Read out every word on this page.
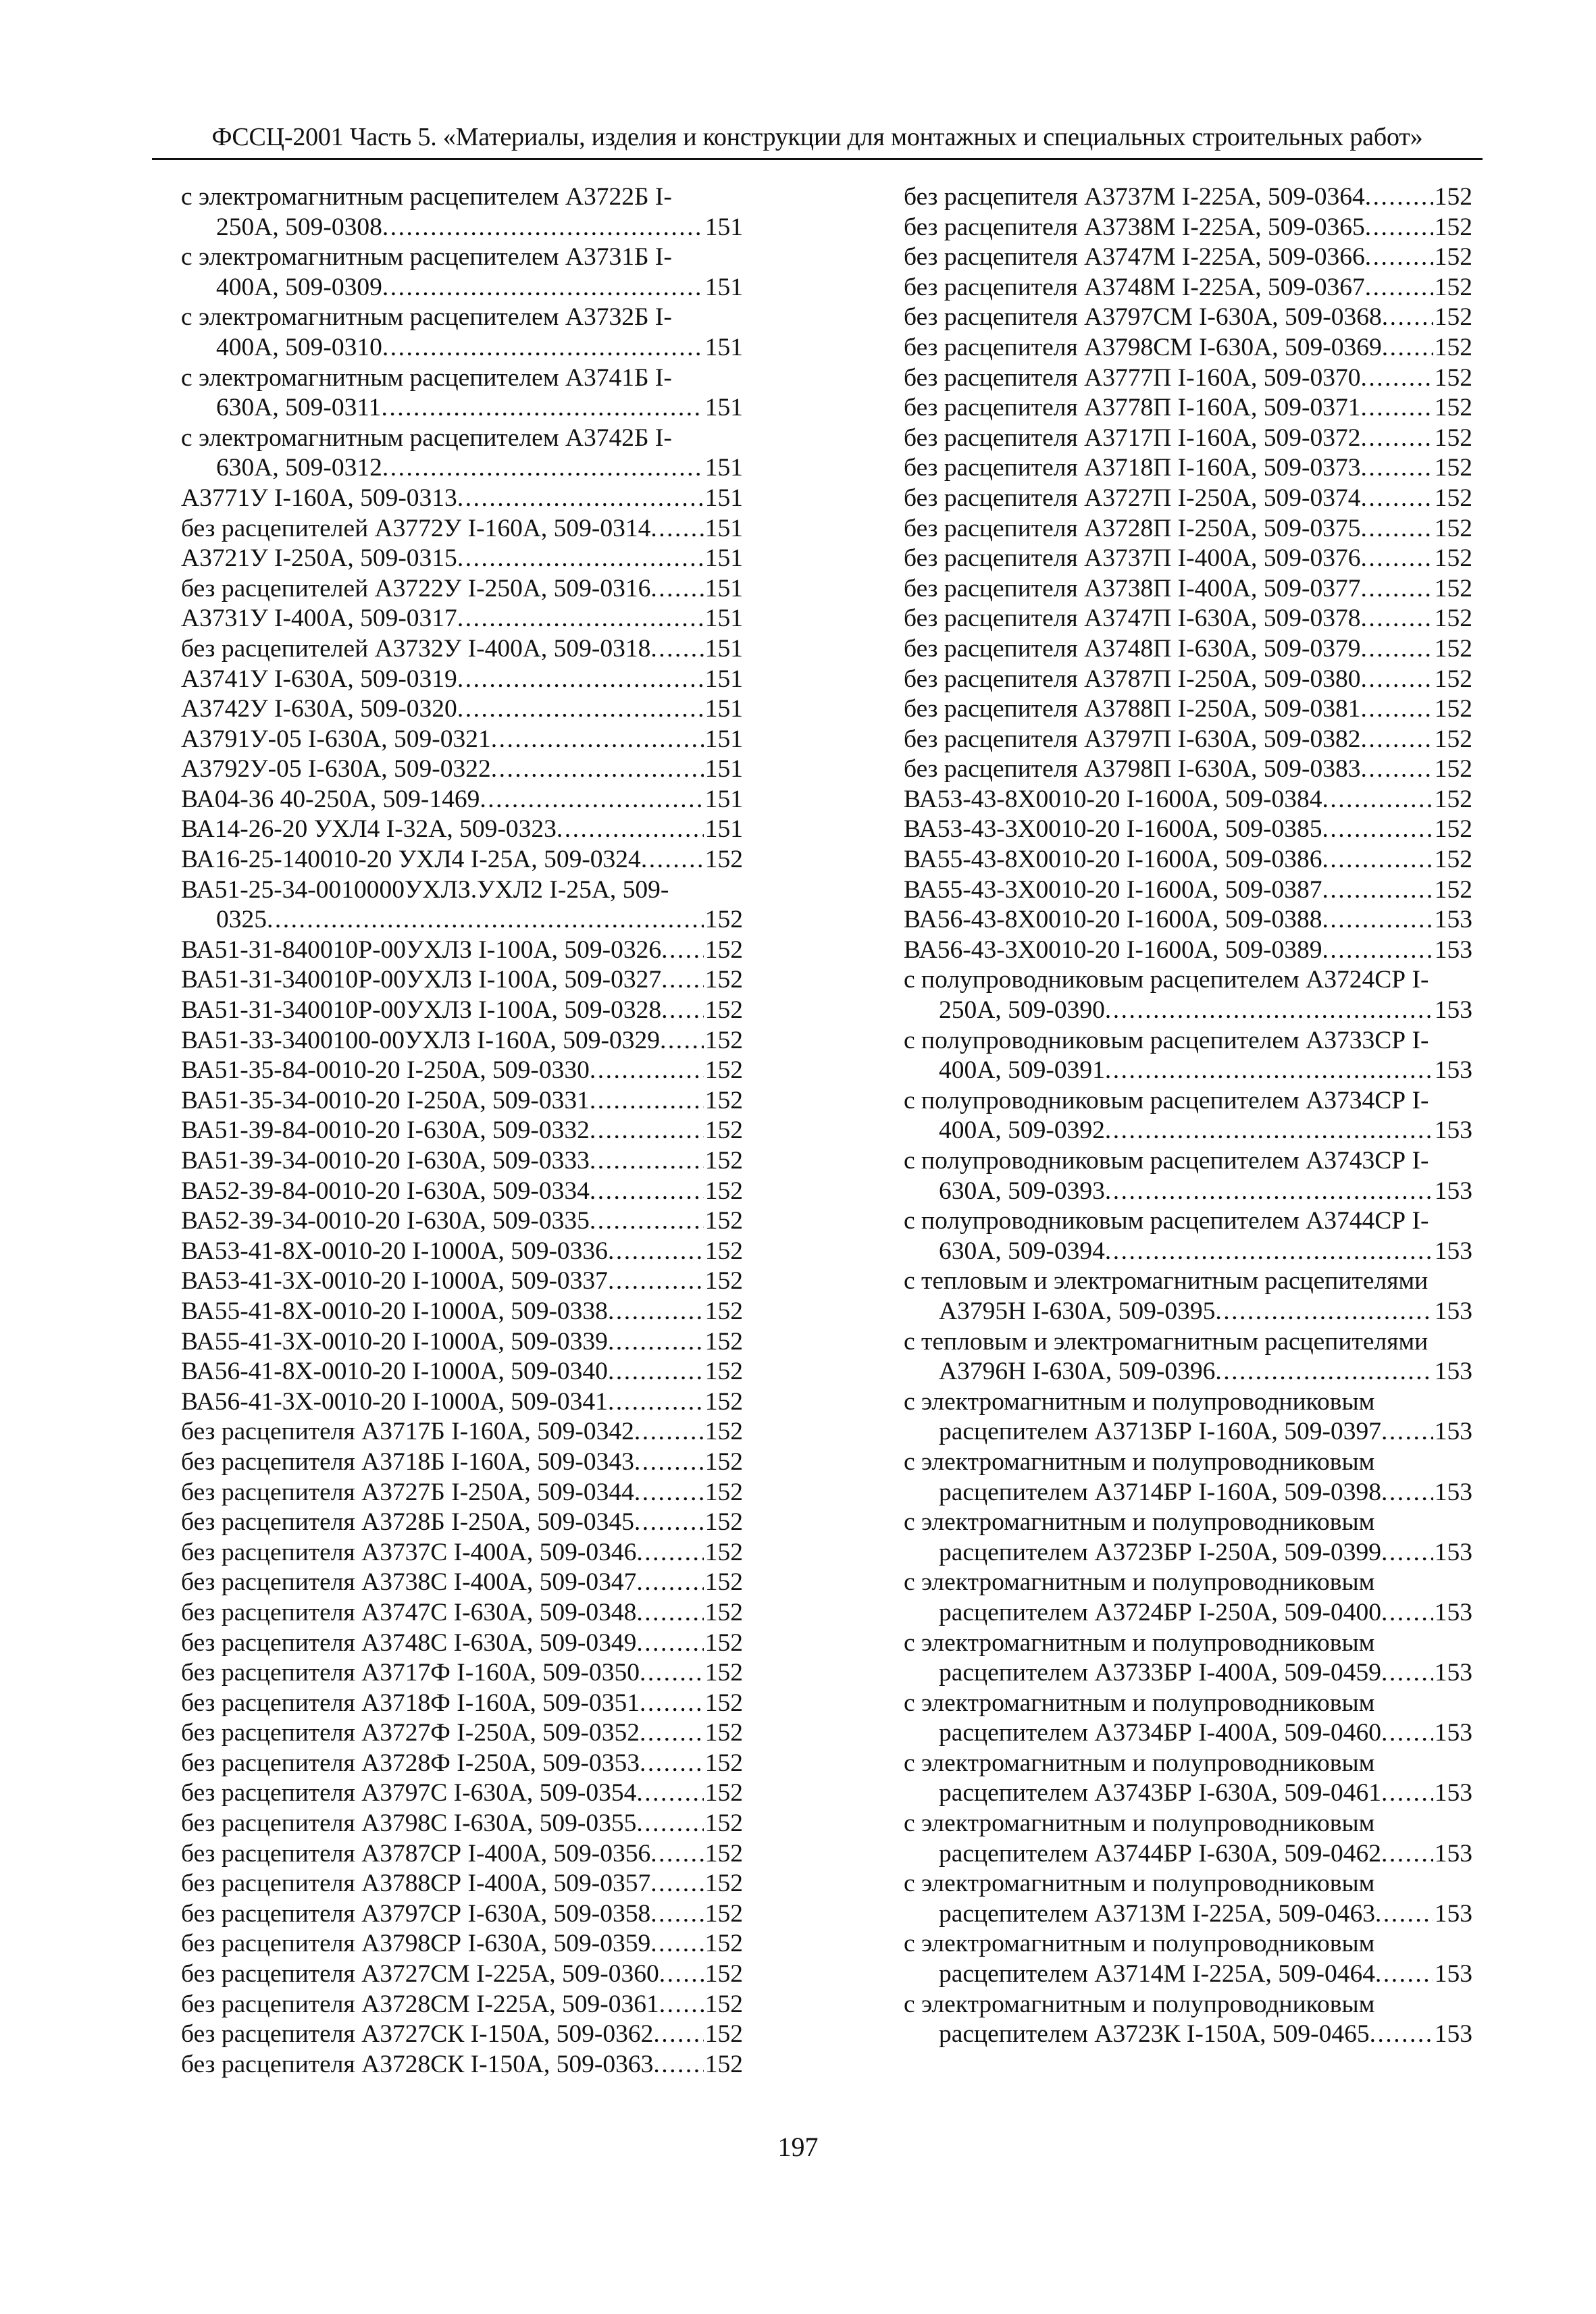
ФССЦ-2001 Часть 5. «Материалы, изделия и конструкции для монтажных и специальных строительных работ»
с электромагнитным расцепителем А3722Б I-
250А, 509-0308 .....	151
с электромагнитным расцепителем А3731Б I-
400А, 509-0309 .....	151
с электромагнитным расцепителем А3732Б I-
400А, 509-0310 .....	151
с электромагнитным расцепителем А3741Б I-
630А, 509-0311 .....	151
с электромагнитным расцепителем А3742Б I-
630А, 509-0312 .....	151
А3771У I-160А, 509-0313 .....	151
без расцепителей А3772У I-160А, 509-0314 ..... 151
А3721У I-250А, 509-0315 .....	151
без расцепителей А3722У I-250А, 509-0316 ..... 151
А3731У I-400А, 509-0317 .....	151
без расцепителей А3732У I-400А, 509-0318 ..... 151
А3741У I-630А, 509-0319 .....	151
А3742У I-630А, 509-0320 .....	151
А3791У-05 I-630А, 509-0321 .....	151
А3792У-05 I-630А, 509-0322 .....	151
ВА04-36 40-250А, 509-1469 .....	151
ВА14-26-20 УХЛ4 I-32А, 509-0323 .....	151
ВА16-25-140010-20 УХЛ4 I-25А, 509-0324 .....	152
ВА51-25-34-0010000УХЛЗ.УХЛ2 I-25А, 509-
0325 .....	152
ВА51-31-840010Р-00УХЛЗ I-100А, 509-0326 ..... 152
ВА51-31-340010Р-00УХЛЗ I-100А, 509-0327 ..... 152
ВА51-31-340010Р-00УХЛЗ I-100А, 509-0328 ..... 152
ВА51-33-3400100-00УХЛЗ I-160А, 509-0329 ..... 152
ВА51-35-84-0010-20 I-250А, 509-0330 .....	152
ВА51-35-34-0010-20 I-250А, 509-0331 .....	152
ВА51-39-84-0010-20 I-630А, 509-0332 .....	152
ВА51-39-34-0010-20 I-630А, 509-0333 .....	152
ВА52-39-84-0010-20 I-630А, 509-0334 .....	152
ВА52-39-34-0010-20 I-630А, 509-0335 .....	152
ВА53-41-8Х-0010-20 I-1000А, 509-0336 .....	152
ВА53-41-3Х-0010-20 I-1000А, 509-0337 .....	152
ВА55-41-8Х-0010-20 I-1000А, 509-0338 .....	152
ВА55-41-3Х-0010-20 I-1000А, 509-0339 .....	152
ВА56-41-8Х-0010-20 I-1000А, 509-0340 .....	152
ВА56-41-3Х-0010-20 I-1000А, 509-0341 .....	152
без расцепителя А3717Б I-160А, 509-0342 .....	152
без расцепителя А3718Б I-160А, 509-0343 .....	152
без расцепителя А3727Б I-250А, 509-0344 .....	152
без расцепителя А3728Б I-250А, 509-0345 .....	152
без расцепителя А3737С I-400А, 509-0346 .....	152
без расцепителя А3738С I-400А, 509-0347 .....	152
без расцепителя А3747С I-630А, 509-0348 .....	152
без расцепителя А3748С I-630А, 509-0349 .....	152
без расцепителя А3717Ф I-160А, 509-0350 .....	152
без расцепителя А3718Ф I-160А, 509-0351 .....	152
без расцепителя А3727Ф I-250А, 509-0352 .....	152
без расцепителя А3728Ф I-250А, 509-0353 .....	152
без расцепителя А3797С I-630А, 509-0354 .....	152
без расцепителя А3798С I-630А, 509-0355 .....	152
без расцепителя А3787СР I-400А, 509-0356 ..... 152
без расцепителя А3788СР I-400А, 509-0357 ..... 152
без расцепителя А3797СР I-630А, 509-0358 ..... 152
без расцепителя А3798СР I-630А, 509-0359 ..... 152
без расцепителя А3727СМ I-225А, 509-0360 ..... 152
без расцепителя А3728СМ I-225А, 509-0361 ..... 152
без расцепителя А3727СК I-150А, 509-0362 ..... 152
без расцепителя А3728СК I-150А, 509-0363 ..... 152
без расцепителя А3737М I-225А, 509-0364 .....	152
без расцепителя А3738М I-225А, 509-0365 .....	152
без расцепителя А3747М I-225А, 509-0366 .....	152
без расцепителя А3748М I-225А, 509-0367 .....	152
без расцепителя А3797СМ I-630А, 509-0368 ..... 152
без расцепителя А3798СМ I-630А, 509-0369 ..... 152
без расцепителя А3777П I-160А, 509-0370 .....	152
без расцепителя А3778П I-160А, 509-0371 .....	152
без расцепителя А3717П I-160А, 509-0372 .....	152
без расцепителя А3718П I-160А, 509-0373 .....	152
без расцепителя А3727П I-250А, 509-0374 .....	152
без расцепителя А3728П I-250А, 509-0375 .....	152
без расцепителя А3737П I-400А, 509-0376 .....	152
без расцепителя А3738П I-400А, 509-0377 .....	152
без расцепителя А3747П I-630А, 509-0378 .....	152
без расцепителя А3748П I-630А, 509-0379 .....	152
без расцепителя А3787П I-250А, 509-0380 .....	152
без расцепителя А3788П I-250А, 509-0381 .....	152
без расцепителя А3797П I-630А, 509-0382 .....	152
без расцепителя А3798П I-630А, 509-0383 .....	152
ВА53-43-8Х0010-20 I-1600А, 509-0384 .....	152
ВА53-43-3Х0010-20 I-1600А, 509-0385 .....	152
ВА55-43-8Х0010-20 I-1600А, 509-0386 .....	152
ВА55-43-3Х0010-20 I-1600А, 509-0387 .....	152
ВА56-43-8Х0010-20 I-1600А, 509-0388 .....	153
ВА56-43-3Х0010-20 I-1600А, 509-0389 .....	153
с полупроводниковым расцепителем А3724СР I-
250А, 509-0390 .....	153
с полупроводниковым расцепителем А3733СР I-
400А, 509-0391 .....	153
с полупроводниковым расцепителем А3734СР I-
400А, 509-0392 .....	153
с полупроводниковым расцепителем А3743СР I-
630А, 509-0393 .....	153
с полупроводниковым расцепителем А3744СР I-
630А, 509-0394 .....	153
с тепловым и электромагнитным расцепителями
А3795Н I-630А, 509-0395 .....	153
с тепловым и электромагнитным расцепителями
А3796Н I-630А, 509-0396 .....	153
с электромагнитным и полупроводниковым
расцепителем А3713БР I-160А, 509-0397 ..... 153
с электромагнитным и полупроводниковым
расцепителем А3714БР I-160А, 509-0398 ..... 153
с электромагнитным и полупроводниковым
расцепителем А3723БР I-250А, 509-0399 ..... 153
с электромагнитным и полупроводниковым
расцепителем А3724БР I-250А, 509-0400 ..... 153
с электромагнитным и полупроводниковым
расцепителем А3733БР I-400А, 509-0459 ..... 153
с электромагнитным и полупроводниковым
расцепителем А3734БР I-400А, 509-0460 ..... 153
с электромагнитным и полупроводниковым
расцепителем А3743БР I-630А, 509-0461 ..... 153
с электромагнитным и полупроводниковым
расцепителем А3744БР I-630А, 509-0462 ..... 153
с электромагнитным и полупроводниковым
расцепителем А3713М I-225А, 509-0463 ..... 153
с электромагнитным и полупроводниковым
расцепителем А3714М I-225А, 509-0464 ..... 153
с электромагнитным и полупроводниковым
расцепителем А3723К I-150А, 509-0465 .....	153
197
